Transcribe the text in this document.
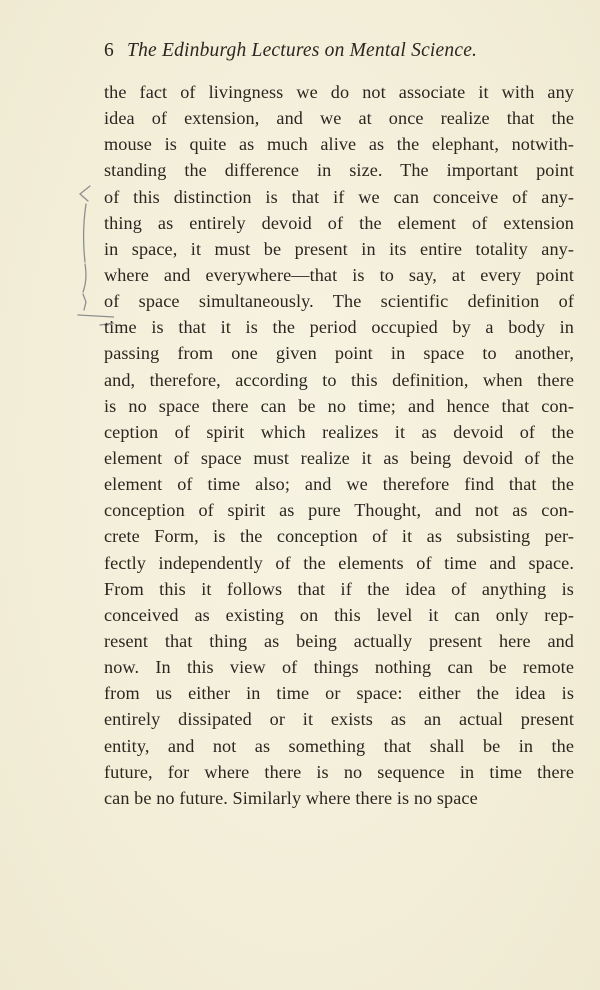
6 The Edinburgh Lectures on Mental Science.
the fact of livingness we do not associate it with any
idea of extension, and we at once realize that the
mouse is quite as much alive as the elephant, notwith-
standing the difference in size. The important point
of this distinction is that if we can conceive of any-
thing as entirely devoid of the element of extension
in space, it must be present in its entire totality any-
where and everywhere—that is to say, at every point
of space simultaneously. The scientific definition of
time is that it is the period occupied by a body in
passing from one given point in space to another,
and, therefore, according to this definition, when there
is no space there can be no time; and hence that con-
ception of spirit which realizes it as devoid of the
element of space must realize it as being devoid of the
element of time also; and we therefore find that the
conception of spirit as pure Thought, and not as con-
crete Form, is the conception of it as subsisting per-
fectly independently of the elements of time and space.
From this it follows that if the idea of anything is
conceived as existing on this level it can only rep-
resent that thing as being actually present here and
now. In this view of things nothing can be remote
from us either in time or space: either the idea is
entirely dissipated or it exists as an actual present
entity, and not as something that shall be in the
future, for where there is no sequence in time there
can be no future. Similarly where there is no space
